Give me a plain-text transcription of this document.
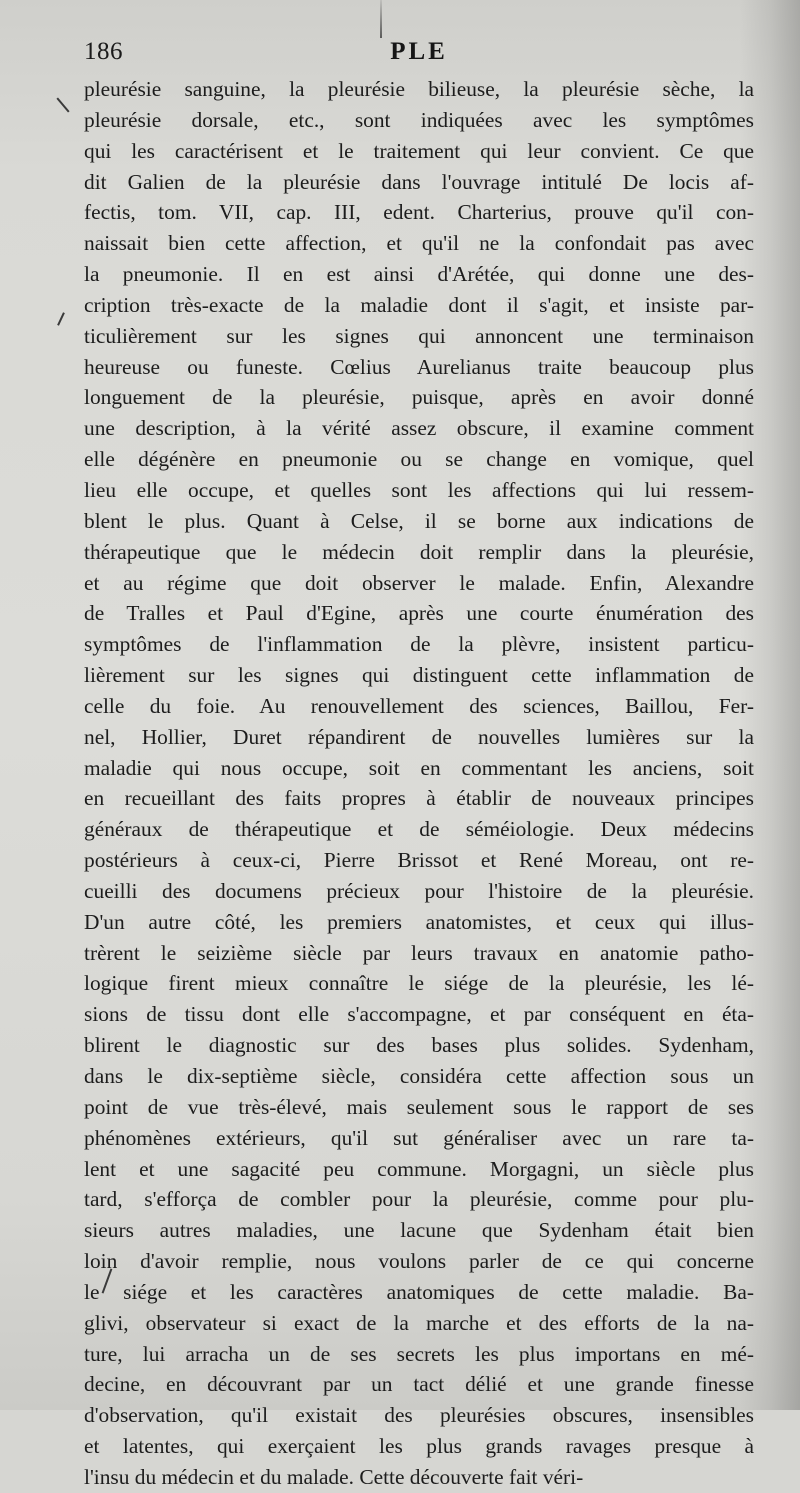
186	PLE
pleurésie sanguine, la pleurésie bilieuse, la pleurésie sèche, la
pleurésie dorsale, etc., sont indiquées avec les symptômes
qui les caractérisent et le traitement qui leur convient. Ce que
dit Galien de la pleurésie dans l'ouvrage intitulé De locis af-
fectis, tom. VII, cap. III, edent. Charterius, prouve qu'il con-
naissait bien cette affection, et qu'il ne la confondait pas avec
la pneumonie. Il en est ainsi d'Arétée, qui donne une des-
cription très-exacte de la maladie dont il s'agit, et insiste par-
ticulièrement sur les signes qui annoncent une terminaison
heureuse ou funeste. Cœlius Aurelianus traite beaucoup plus
longuement de la pleurésie, puisque, après en avoir donné
une description, à la vérité assez obscure, il examine comment
elle dégénère en pneumonie ou se change en vomique, quel
lieu elle occupe, et quelles sont les affections qui lui ressem-
blent le plus. Quant à Celse, il se borne aux indications de
thérapeutique que le médecin doit remplir dans la pleurésie,
et au régime que doit observer le malade. Enfin, Alexandre
de Tralles et Paul d'Egine, après une courte énumération des
symptômes de l'inflammation de la plèvre, insistent particu-
lièrement sur les signes qui distinguent cette inflammation de
celle du foie. Au renouvellement des sciences, Baillou, Fer-
nel, Hollier, Duret répandirent de nouvelles lumières sur la
maladie qui nous occupe, soit en commentant les anciens, soit
en recueillant des faits propres à établir de nouveaux principes
généraux de thérapeutique et de séméiologie. Deux médecins
postérieurs à ceux-ci, Pierre Brissot et René Moreau, ont re-
cueilli des documens précieux pour l'histoire de la pleurésie.
D'un autre côté, les premiers anatomistes, et ceux qui illus-
trèrent le seizième siècle par leurs travaux en anatomie patho-
logique firent mieux connaître le siége de la pleurésie, les lé-
sions de tissu dont elle s'accompagne, et par conséquent en éta-
blirent le diagnostic sur des bases plus solides. Sydenham,
dans le dix-septième siècle, considéra cette affection sous un
point de vue très-élevé, mais seulement sous le rapport de ses
phénomènes extérieurs, qu'il sut généraliser avec un rare ta-
lent et une sagacité peu commune. Morgagni, un siècle plus
tard, s'efforça de combler pour la pleurésie, comme pour plu-
sieurs autres maladies, une lacune que Sydenham était bien
loin d'avoir remplie, nous voulons parler de ce qui concerne
le siége et les caractères anatomiques de cette maladie. Ba-
glivi, observateur si exact de la marche et des efforts de la na-
ture, lui arracha un de ses secrets les plus importans en mé-
decine, en découvrant par un tact délié et une grande finesse
d'observation, qu'il existait des pleurésies obscures, insensibles
et latentes, qui exerçaient les plus grands ravages presque à
l'insu du médecin et du malade. Cette découverte fait véri-
